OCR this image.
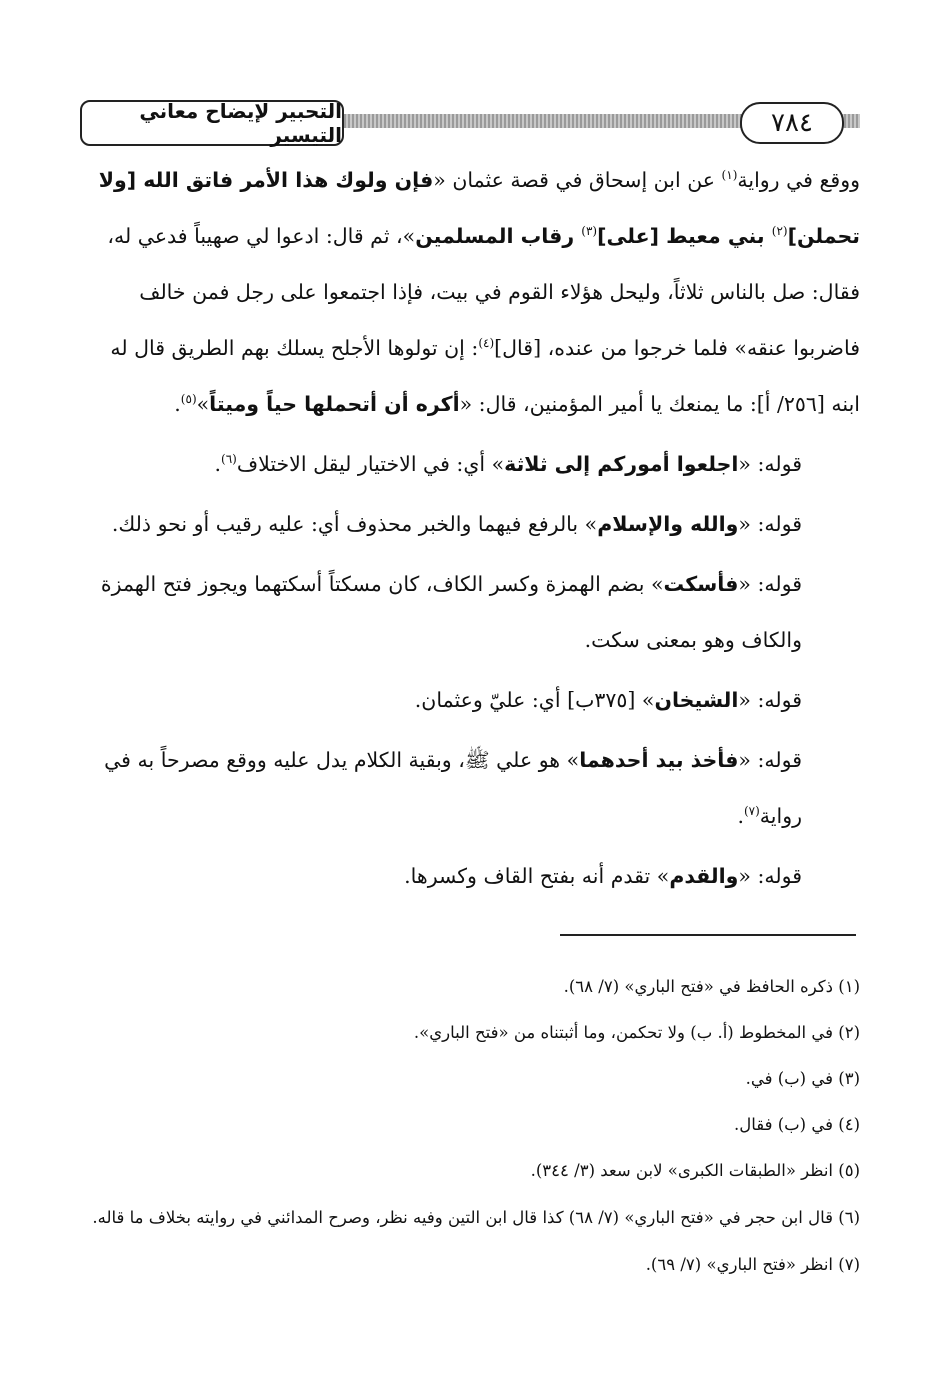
التحبير لإيضاح معاني التيسير	٧٨٤

ووقع في رواية$^{(١)}$ عن ابن إسحاق في قصة عثمان «فإن ولوك هذا الأمر فاتق الله [ولا تحملن]$^{(٢)}$ بني معيط [على]$^{(٣)}$ رقاب المسلمين»، ثم قال: ادعوا لي صهيباً فدعي له، فقال: صل بالناس ثلاثاً، وليحل هؤلاء القوم في بيت، فإذا اجتمعوا على رجل فمن خالف فاضربوا عنقه» فلما خرجوا من عنده، [قال]$^{(٤)}$: إن تولوها الأجلح يسلك بهم الطريق قال له ابنه [٢٥٦/ أ]: ما يمنعك يا أمير المؤمنين، قال: «أكره أن أتحملها حياً وميتاً»$^{(٥)}$.

قوله: «اجلعوا أموركم إلى ثلاثة» أي: في الاختيار ليقل الاختلاف$^{(٦)}$.

قوله: «والله والإسلام» بالرفع فيهما والخبر محذوف أي: عليه رقيب أو نحو ذلك.

قوله: «فأسكت» بضم الهمزة وكسر الكاف، كان مسكتاً أسكتهما ويجوز فتح الهمزة والكاف وهو بمعنى سكت.

قوله: «الشيخان» [٣٧٥ب] أي: عليّ وعثمان.

قوله: «فأخذ بيد أحدهما» هو علي ﷺ، وبقية الكلام يدل عليه ووقع مصرحاً به في رواية$^{(٧)}$.

قوله: «والقدم» تقدم أنه بفتح القاف وكسرها.

(١) ذكره الحافظ في «فتح الباري» (٧/ ٦٨).

(٢) في المخطوط (أ. ب) ولا تحكمن، وما أثبتناه من «فتح الباري».

(٣) في (ب) في.

(٤) في (ب) فقال.

(٥) انظر «الطبقات الكبرى» لابن سعد (٣/ ٣٤٤).

(٦) قال ابن حجر في «فتح الباري» (٧/ ٦٨) كذا قال ابن التين وفيه نظر، وصرح المدائني في روايته بخلاف ما قاله.

(٧) انظر «فتح الباري» (٧/ ٦٩).
